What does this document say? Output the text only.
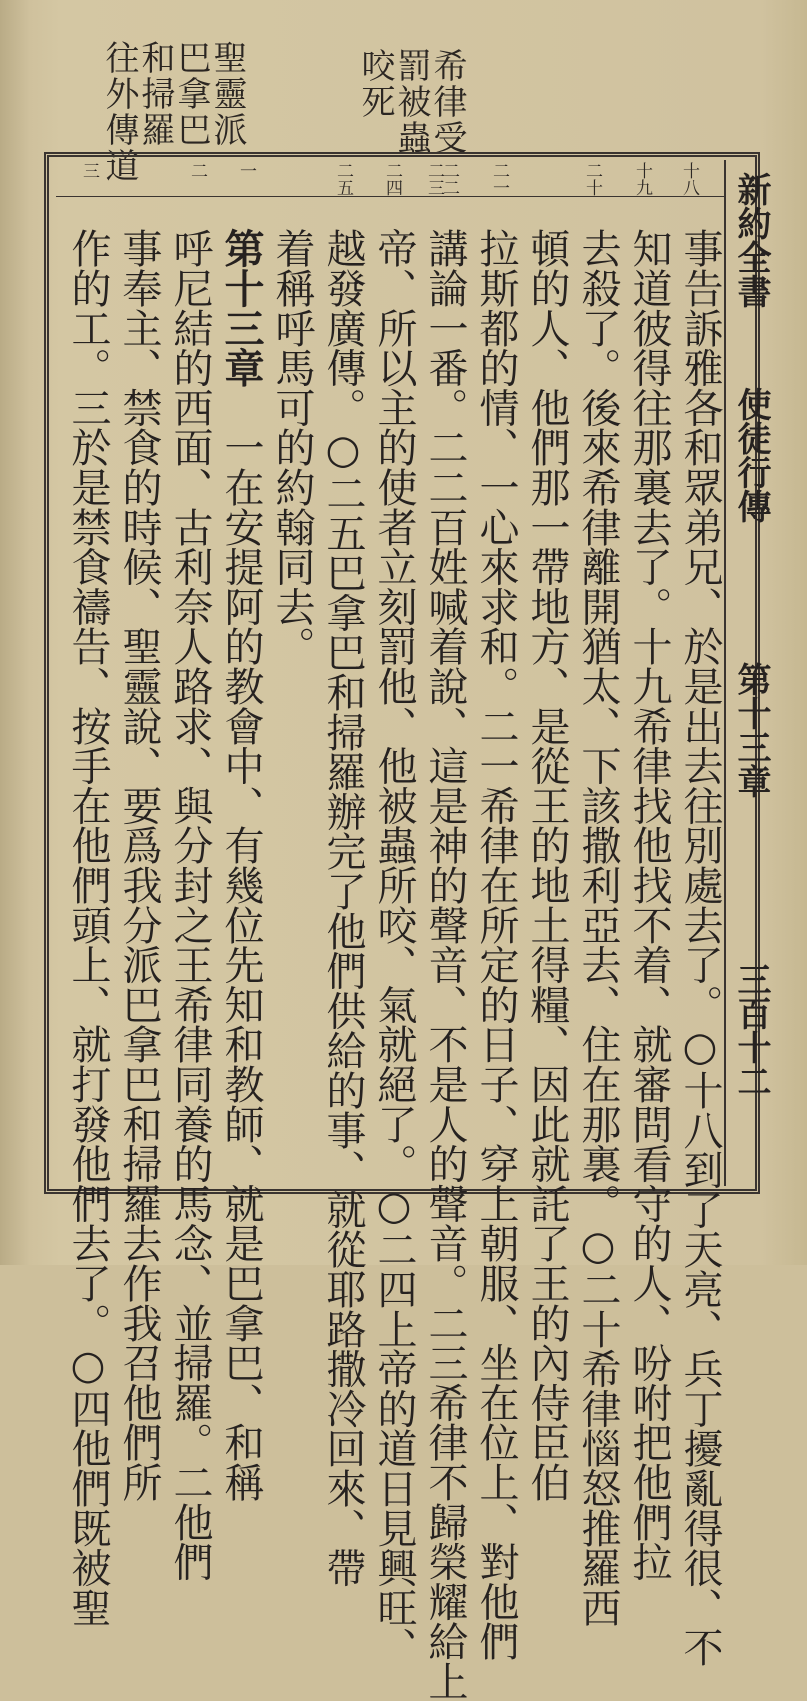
希律受
罰被蟲
咬死
聖靈派
巴拿巴
和掃羅
往外傳道
新約全書
使徒行傳
第十三章
三百十二
十八
十九
二十
二一
二二
二三
二四
二五
一
二
三
事告訴雅各和眾弟兄、於是出去往別處去了。○十八到了天亮、兵丁擾亂得很、不
知道彼得往那裏去了。十九希律找他找不着、就審問看守的人、吩咐把他們拉
去殺了。後來希律離開猶太、下該撒利亞去、住在那裏。○二十希律惱怒推羅西
頓的人、他們那一帶地方、是從王的地土得糧、因此就託了王的內侍臣伯
拉斯都的情、一心來求和。二一希律在所定的日子、穿上朝服、坐在位上、對他們
講論一番。二二百姓喊着說、這是神的聲音、不是人的聲音。二三希律不歸榮耀給上
帝、所以主的使者立刻罰他、他被蟲所咬、氣就絕了。○二四上帝的道日見興旺、
越發廣傳。○二五巴拿巴和掃羅辦完了他們供給的事、就從耶路撒冷回來、帶
着稱呼馬可的約翰同去。
第十三章　一在安提阿的教會中、有幾位先知和教師、就是巴拿巴、和稱
呼尼結的西面、古利奈人路求、與分封之王希律同養的馬念、並掃羅。二他們
事奉主、禁食的時候、聖靈說、要爲我分派巴拿巴和掃羅去作我召他們所
作的工。三於是禁食禱告、按手在他們頭上、就打發他們去了。○四他們既被聖
